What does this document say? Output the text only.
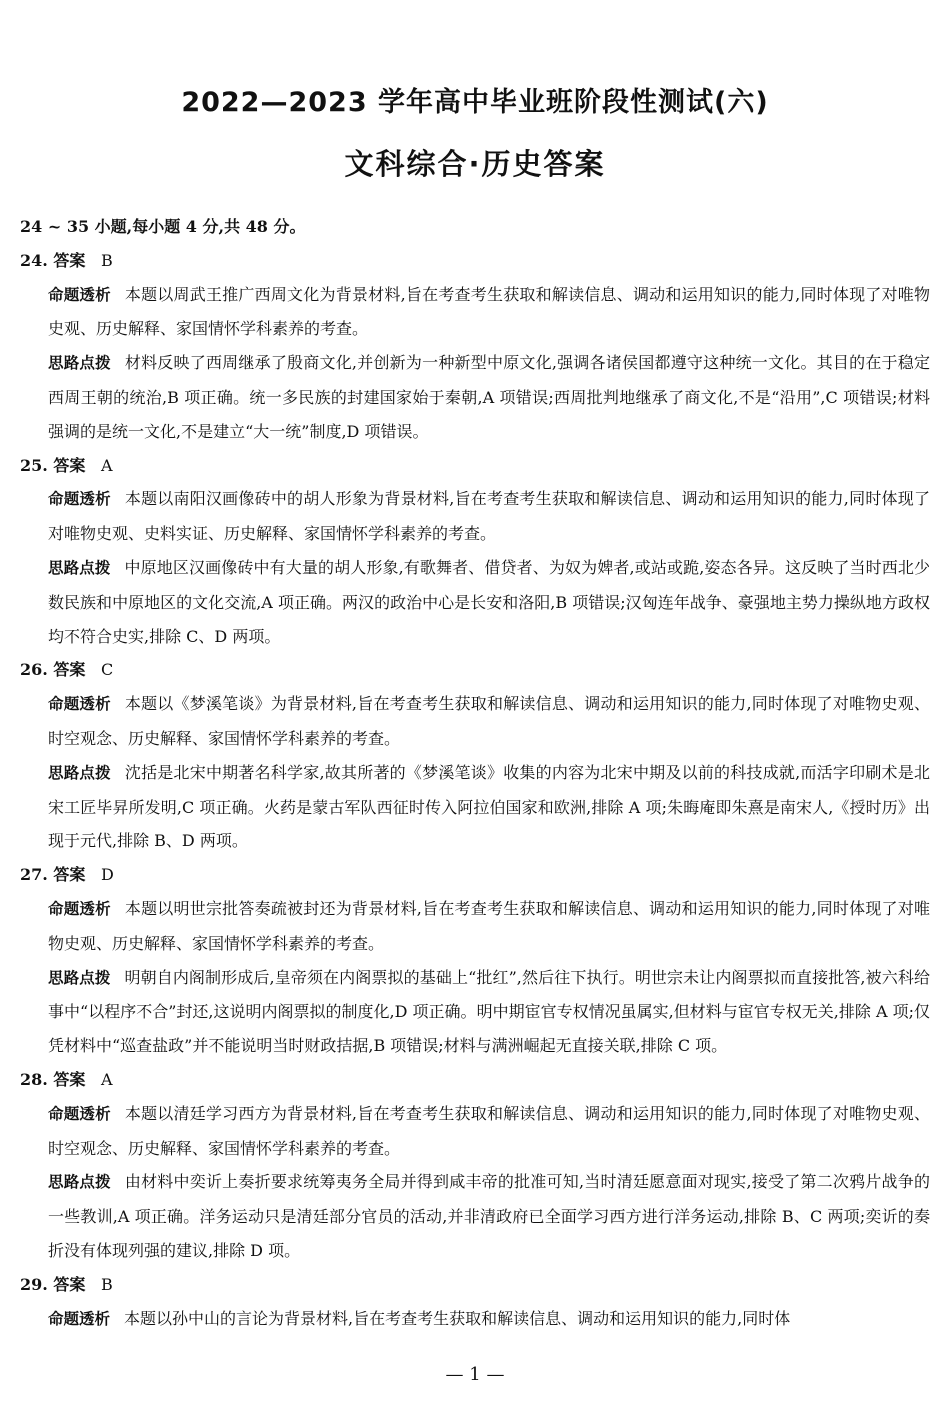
2022—2023 学年高中毕业班阶段性测试(六)
文科综合·历史答案
24 ~ 35 小题,每小题 4 分,共 48 分。
24. 答案 B
命题透析 本题以周武王推广西周文化为背景材料,旨在考查考生获取和解读信息、调动和运用知识的能力,同时体现了对唯物史观、历史解释、家国情怀学科素养的考查。
思路点拨 材料反映了西周继承了殷商文化,并创新为一种新型中原文化,强调各诸侯国都遵守这种统一文化。其目的在于稳定西周王朝的统治,B 项正确。统一多民族的封建国家始于秦朝,A 项错误;西周批判地继承了商文化,不是“沿用”,C 项错误;材料强调的是统一文化,不是建立“大一统”制度,D 项错误。
25. 答案 A
命题透析 本题以南阳汉画像砖中的胡人形象为背景材料,旨在考查考生获取和解读信息、调动和运用知识的能力,同时体现了对唯物史观、史料实证、历史解释、家国情怀学科素养的考查。
思路点拨 中原地区汉画像砖中有大量的胡人形象,有歌舞者、借贷者、为奴为婢者,或站或跪,姿态各异。这反映了当时西北少数民族和中原地区的文化交流,A 项正确。两汉的政治中心是长安和洛阳,B 项错误;汉匈连年战争、豪强地主势力操纵地方政权均不符合史实,排除 C、D 两项。
26. 答案 C
命题透析 本题以《梦溪笔谈》为背景材料,旨在考查考生获取和解读信息、调动和运用知识的能力,同时体现了对唯物史观、时空观念、历史解释、家国情怀学科素养的考查。
思路点拨 沈括是北宋中期著名科学家,故其所著的《梦溪笔谈》收集的内容为北宋中期及以前的科技成就,而活字印刷术是北宋工匠毕昇所发明,C 项正确。火药是蒙古军队西征时传入阿拉伯国家和欧洲,排除 A 项;朱晦庵即朱熹是南宋人,《授时历》出现于元代,排除 B、D 两项。
27. 答案 D
命题透析 本题以明世宗批答奏疏被封还为背景材料,旨在考查考生获取和解读信息、调动和运用知识的能力,同时体现了对唯物史观、历史解释、家国情怀学科素养的考查。
思路点拨 明朝自内阁制形成后,皇帝须在内阁票拟的基础上“批红”,然后往下执行。明世宗未让内阁票拟而直接批答,被六科给事中“以程序不合”封还,这说明内阁票拟的制度化,D 项正确。明中期宦官专权情况虽属实,但材料与宦官专权无关,排除 A 项;仅凭材料中“巡查盐政”并不能说明当时财政拮据,B 项错误;材料与满洲崛起无直接关联,排除 C 项。
28. 答案 A
命题透析 本题以清廷学习西方为背景材料,旨在考查考生获取和解读信息、调动和运用知识的能力,同时体现了对唯物史观、时空观念、历史解释、家国情怀学科素养的考查。
思路点拨 由材料中奕䜣上奏折要求统筹夷务全局并得到咸丰帝的批准可知,当时清廷愿意面对现实,接受了第二次鸦片战争的一些教训,A 项正确。洋务运动只是清廷部分官员的活动,并非清政府已全面学习西方进行洋务运动,排除 B、C 两项;奕䜣的奏折没有体现列强的建议,排除 D 项。
29. 答案 B
命题透析 本题以孙中山的言论为背景材料,旨在考查考生获取和解读信息、调动和运用知识的能力,同时体
— 1 —
